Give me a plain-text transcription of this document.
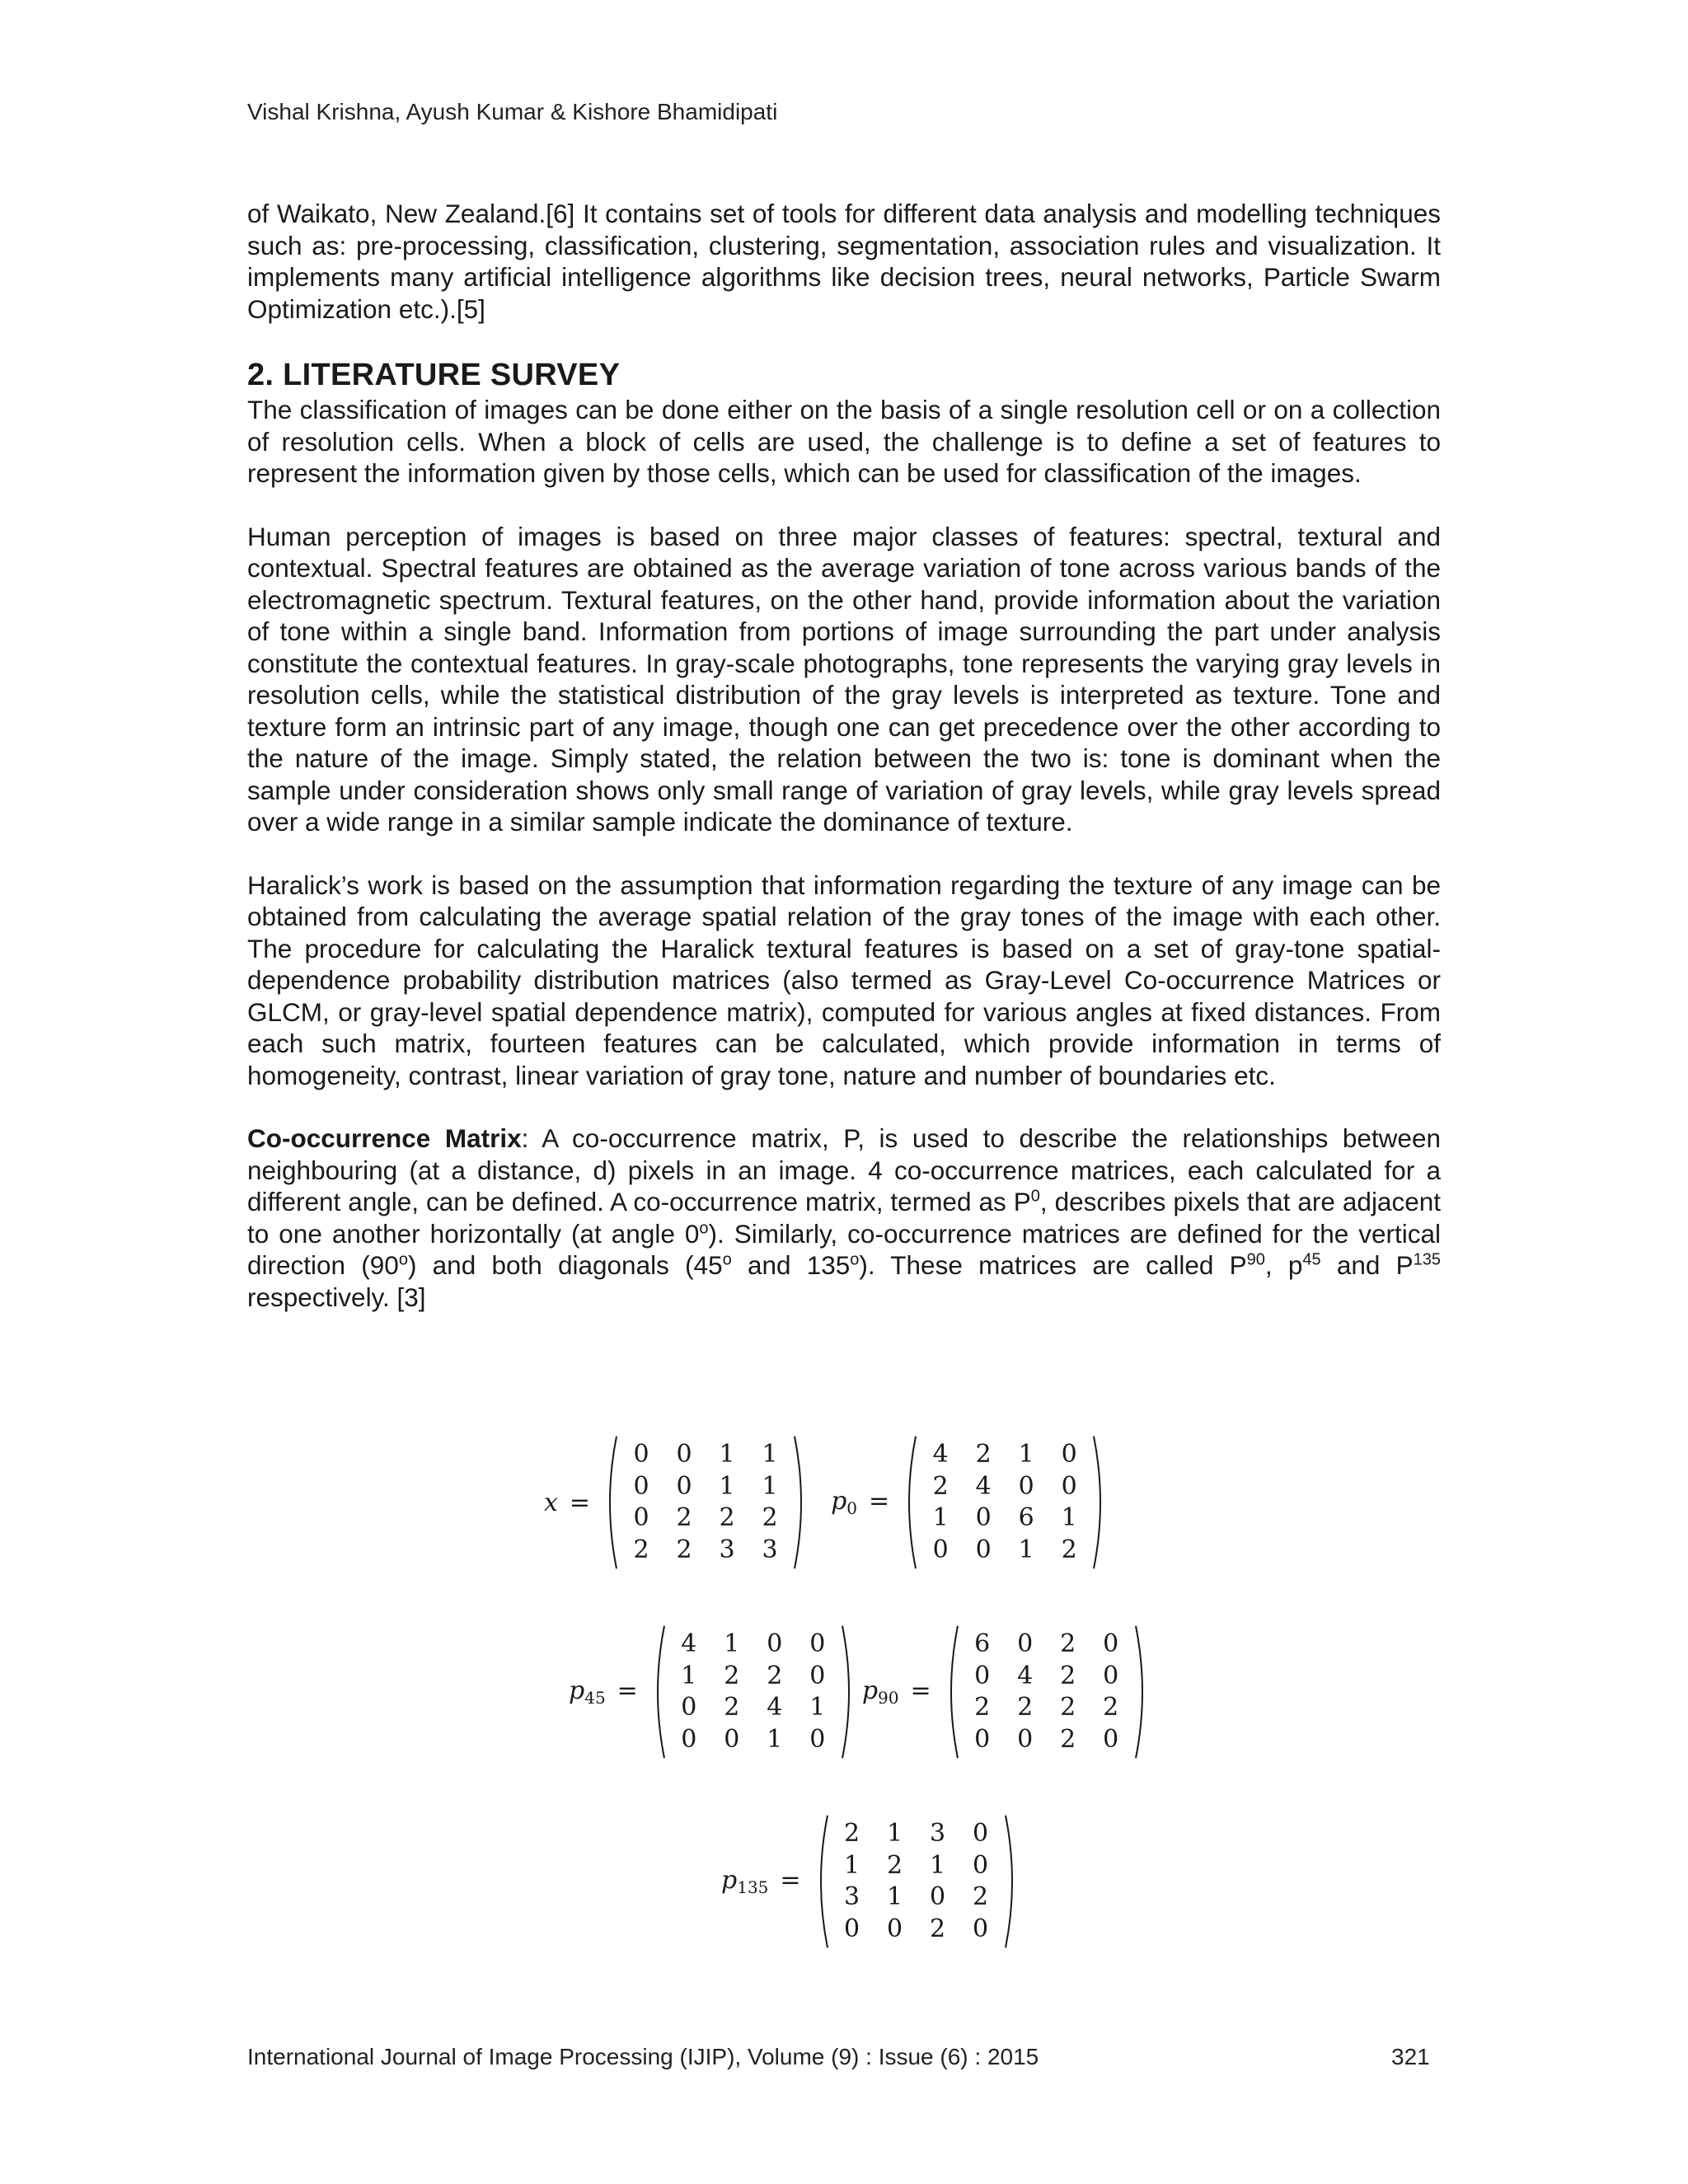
Vishal Krishna, Ayush Kumar & Kishore Bhamidipati

of Waikato, New Zealand.[6] It contains set of tools for different data analysis and modelling techniques such as: pre-processing, classification, clustering, segmentation, association rules and visualization. It implements many artificial intelligence algorithms like decision trees, neural networks, Particle Swarm Optimization etc.).[5]

2. LITERATURE SURVEY

The classification of images can be done either on the basis of a single resolution cell or on a collection of resolution cells. When a block of cells are used, the challenge is to define a set of features to represent the information given by those cells, which can be used for classification of the images.

Human perception of images is based on three major classes of features: spectral, textural and contextual. Spectral features are obtained as the average variation of tone across various bands of the electromagnetic spectrum. Textural features, on the other hand, provide information about the variation of tone within a single band. Information from portions of image surrounding the part under analysis constitute the contextual features. In gray-scale photographs, tone represents the varying gray levels in resolution cells, while the statistical distribution of the gray levels is interpreted as texture. Tone and texture form an intrinsic part of any image, though one can get precedence over the other according to the nature of the image. Simply stated, the relation between the two is: tone is dominant when the sample under consideration shows only small range of variation of gray levels, while gray levels spread over a wide range in a similar sample indicate the dominance of texture.

Haralick’s work is based on the assumption that information regarding the texture of any image can be obtained from calculating the average spatial relation of the gray tones of the image with each other. The procedure for calculating the Haralick textural features is based on a set of gray-tone spatial-dependence probability distribution matrices (also termed as Gray-Level Co-occurrence Matrices or GLCM, or gray-level spatial dependence matrix), computed for various angles at fixed distances. From each such matrix, fourteen features can be calculated, which provide information in terms of homogeneity, contrast, linear variation of gray tone, nature and number of boundaries etc.

Co-occurrence Matrix: A co-occurrence matrix, P, is used to describe the relationships between neighbouring (at a distance, d) pixels in an image. 4 co-occurrence matrices, each calculated for a different angle, can be defined. A co-occurrence matrix, termed as $P^0$, describes pixels that are adjacent to one another horizontally (at angle 0$^o$). Similarly, co-occurrence matrices are defined for the vertical direction (90$^o$) and both diagonals (45$^o$ and 135$^o$). These matrices are called $P^{90}$, $p^{45}$ and $P^{135}$ respectively. [3]

x =
0	0	1	1
0	0	1	1
0	2	2	2
2	2	3	3
$p_0$ =
4	2	1	0
2	4	0	0
1	0	6	1
0	0	1	2
$p_{45}$ =
4	1	0	0
1	2	2	0
0	2	4	1
0	0	1	0
$p_{90}$ =
6	0	2	0
0	4	2	0
2	2	2	2
0	0	2	0
$p_{135}$ =
2	1	3	0
1	2	1	0
3	1	0	2
0	0	2	0
International Journal of Image Processing (IJIP), Volume (9) : Issue (6) : 2015	321
